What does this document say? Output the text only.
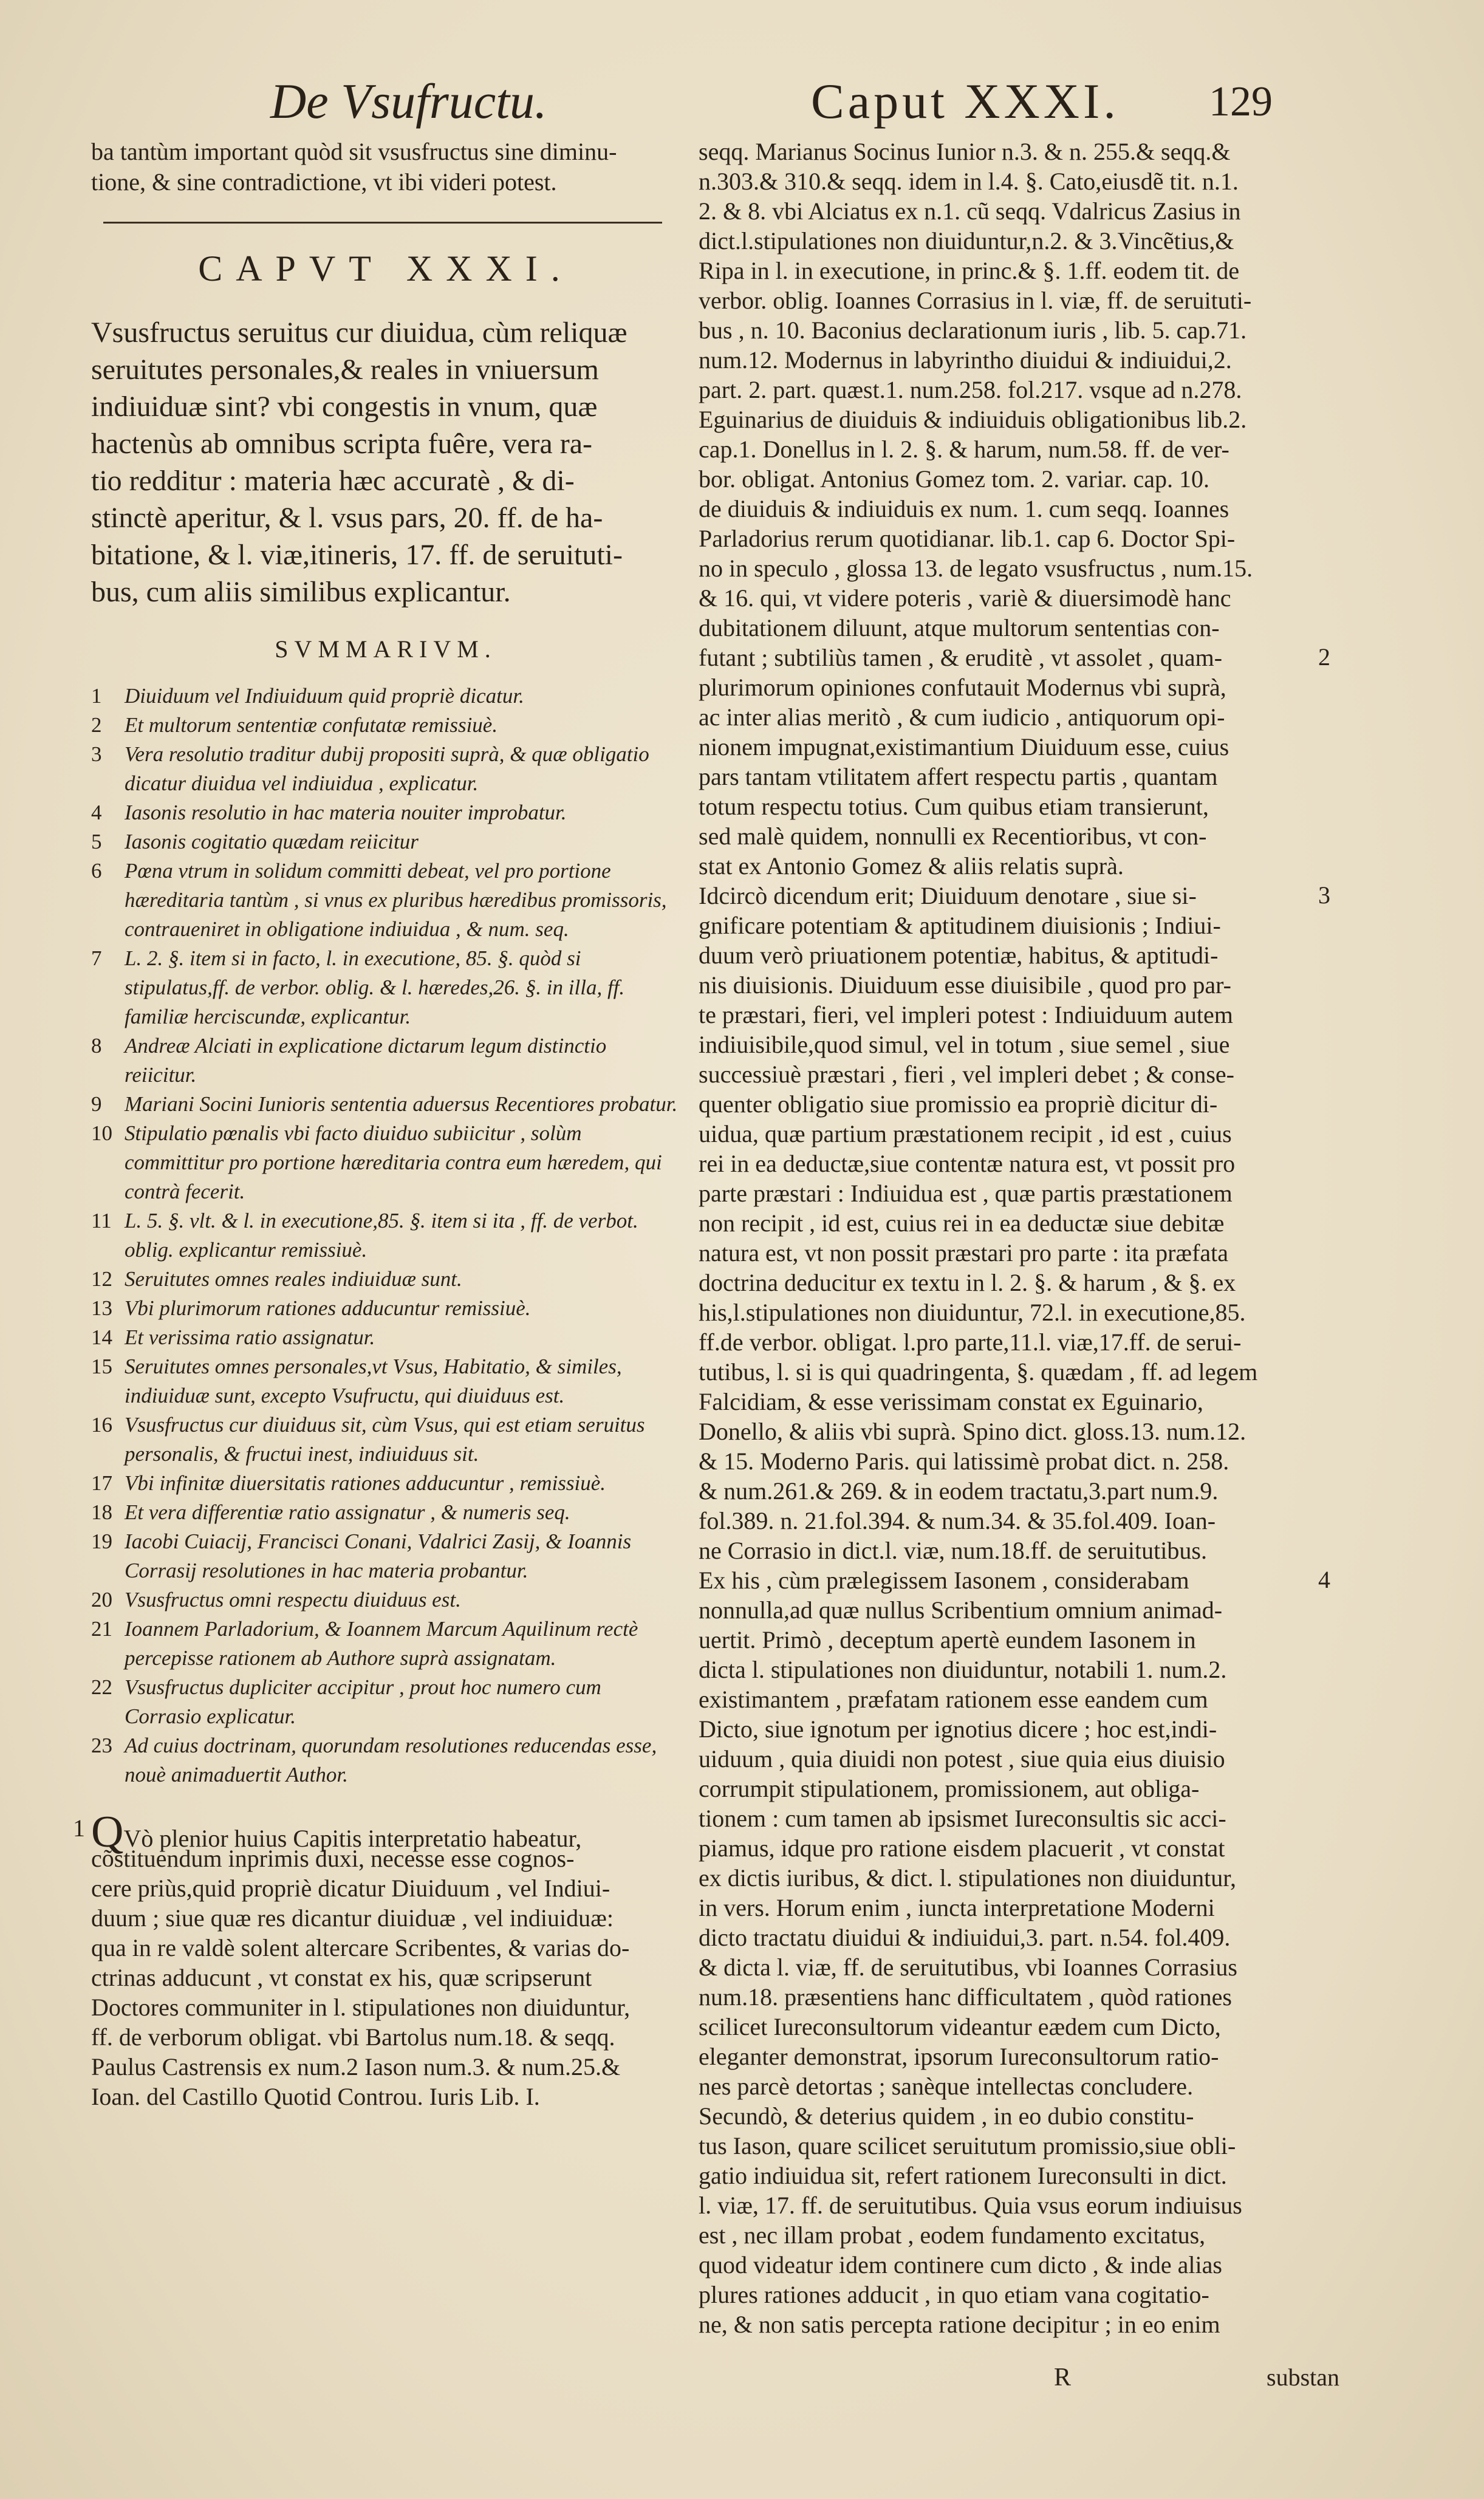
De Vsufructu.	Caput XXXI. 129
ba tantùm important quòd sit vsusfructus sine diminu-
tione, & sine contradictione, vt ibi videri potest.
CAPVT XXXI.
Vsusfructus seruitus cur diuidua, cùm reliquæ
seruitutes personales,& reales in vniuersum
indiuiduæ sint? vbi congestis in vnum, quæ
hactenùs ab omnibus scripta fuêre, vera ra-
tio redditur : materia hæc accuratè , & di-
stinctè aperitur, & l. vsus pars, 20. ff. de ha-
bitatione, & l. viæ,itineris, 17. ff. de seruituti-
bus, cum aliis similibus explicantur.
SVMMARIVM.
1	Diuiduum vel Indiuiduum quid propriè dicatur.
2	Et multorum sententiæ confutatæ remissiuè.
3	Vera resolutio traditur dubij propositi suprà, & quæ obligatio dicatur diuidua vel indiuidua , explicatur.
4	Iasonis resolutio in hac materia nouiter improbatur.
5	Iasonis cogitatio quædam reiicitur
6	Pœna vtrum in solidum committi debeat, vel pro portione hæreditaria tantùm , si vnus ex pluribus hæredibus promissoris, contraueniret in obligatione indiuidua , & num. seq.
7	L. 2. §. item si in facto, l. in executione, 85. §. quòd si stipulatus,ff. de verbor. oblig. & l. hæredes,26. §. in illa, ff. familiæ herciscundæ, explicantur.
8	Andreæ Alciati in explicatione dictarum legum distinctio reiicitur.
9	Mariani Socini Iunioris sententia aduersus Recentiores probatur.
10 Stipulatio pœnalis vbi facto diuiduo subiicitur , solùm committitur pro portione hæreditaria contra eum hæredem, qui contrà fecerit.
11 L. 5. §. vlt. & l. in executione,85. §. item si ita , ff. de verbot. oblig. explicantur remissiuè.
12 Seruitutes omnes reales indiuiduæ sunt.
13 Vbi plurimorum rationes adducuntur remissiuè.
14 Et verissima ratio assignatur.
15 Seruitutes omnes personales,vt Vsus, Habitatio, & similes, indiuiduæ sunt, excepto Vsufructu, qui diuiduus est.
16 Vsusfructus cur diuiduus sit, cùm Vsus, qui est etiam seruitus personalis, & fructui inest, indiuiduus sit.
17 Vbi infinitæ diuersitatis rationes adducuntur , remissiuè.
18 Et vera differentiæ ratio assignatur , & numeris seq.
19 Iacobi Cuiacij, Francisci Conani, Vdalrici Zasij, & Ioannis Corrasij resolutiones in hac materia probantur.
20 Vsusfructus omni respectu diuiduus est.
21 Ioannem Parladorium, & Ioannem Marcum Aquilinum rectè percepisse rationem ab Authore suprà assignatam.
22 Vsusfructus dupliciter accipitur , prout hoc numero cum Corrasio explicatur.
23 Ad cuius doctrinam, quorundam resolutiones reducendas esse, nouè animaduertit Author.
1 QVò plenior huius Capitis interpretatio habeatur,
cõstituendum inprimis duxi, necesse esse cognos-
cere priùs,quid propriè dicatur Diuiduum , vel Indiui-
duum ; siue quæ res dicantur diuiduæ , vel indiuiduæ:
qua in re valdè solent altercare Scribentes, & varias do-
ctrinas adducunt , vt constat ex his, quæ scripserunt
Doctores communiter in l. stipulationes non diuiduntur,
ff. de verborum obligat. vbi Bartolus num.18. & seqq.
Paulus Castrensis ex num.2 Iason num.3. & num.25.&
Ioan. del Castillo Quotid Controu. Iuris Lib. I.
seqq. Marianus Socinus Iunior n.3. & n. 255.& seqq.&
n.303.& 310.& seqq. idem in l.4. §. Cato,eiusdẽ tit. n.1.
2. & 8. vbi Alciatus ex n.1. cũ seqq. Vdalricus Zasius in
dict.l.stipulationes non diuiduntur,n.2. & 3.Vincẽtius,&
Ripa in l. in executione, in princ.& §. 1.ff. eodem tit. de
verbor. oblig. Ioannes Corrasius in l. viæ, ff. de seruituti-
bus , n. 10. Baconius declarationum iuris , lib. 5. cap.71.
num.12. Modernus in labyrintho diuidui & indiuidui,2.
part. 2. part. quæst.1. num.258. fol.217. vsque ad n.278.
Eguinarius de diuiduis & indiuiduis obligationibus lib.2.
cap.1. Donellus in l. 2. §. & harum, num.58. ff. de ver-
bor. obligat. Antonius Gomez tom. 2. variar. cap. 10.
de diuiduis & indiuiduis ex num. 1. cum seqq. Ioannes
Parladorius rerum quotidianar. lib.1. cap 6. Doctor Spi-
no in speculo , glossa 13. de legato vsusfructus , num.15.
& 16. qui, vt videre poteris , variè & diuersimodè hanc
dubitationem diluunt, atque multorum sententias con-
futant ; subtiliùs tamen , & eruditè , vt assolet , quam-
plurimorum opiniones confutauit Modernus vbi suprà,
ac inter alias meritò , & cum iudicio , antiquorum opi-
nionem impugnat,existimantium Diuiduum esse, cuius
pars tantam vtilitatem affert respectu partis , quantam
totum respectu totius. Cum quibus etiam transierunt,
sed malè quidem, nonnulli ex Recentioribus, vt con-
stat ex Antonio Gomez & aliis relatis suprà.
Idcircò dicendum erit; Diuiduum denotare , siue si-
gnificare potentiam & aptitudinem diuisionis ; Indiui-
duum verò priuationem potentiæ, habitus, & aptitudi-
nis diuisionis. Diuiduum esse diuisibile , quod pro par-
te præstari, fieri, vel impleri potest : Indiuiduum autem
indiuisibile,quod simul, vel in totum , siue semel , siue
successiuè præstari , fieri , vel impleri debet ; & conse-
quenter obligatio siue promissio ea propriè dicitur di-
uidua, quæ partium præstationem recipit , id est , cuius
rei in ea deductæ,siue contentæ natura est, vt possit pro
parte præstari : Indiuidua est , quæ partis præstationem
non recipit , id est, cuius rei in ea deductæ siue debitæ
natura est, vt non possit præstari pro parte : ita præfata
doctrina deducitur ex textu in l. 2. §. & harum , & §. ex
his,l.stipulationes non diuiduntur, 72.l. in executione,85.
ff.de verbor. obligat. l.pro parte,11.l. viæ,17.ff. de serui-
tutibus, l. si is qui quadringenta, §. quædam , ff. ad legem
Falcidiam, & esse verissimam constat ex Eguinario,
Donello, & aliis vbi suprà. Spino dict. gloss.13. num.12.
& 15. Moderno Paris. qui latissimè probat dict. n. 258.
& num.261.& 269. & in eodem tractatu,3.part num.9.
fol.389. n. 21.fol.394. & num.34. & 35.fol.409. Ioan-
ne Corrasio in dict.l. viæ, num.18.ff. de seruitutibus.
Ex his , cùm prælegissem Iasonem , considerabam
nonnulla,ad quæ nullus Scribentium omnium animad-
uertit. Primò , deceptum apertè eundem Iasonem in
dicta l. stipulationes non diuiduntur, notabili 1. num.2.
existimantem , præfatam rationem esse eandem cum
Dicto, siue ignotum per ignotius dicere ; hoc est,indi-
uiduum , quia diuidi non potest , siue quia eius diuisio
corrumpit stipulationem, promissionem, aut obliga-
tionem : cum tamen ab ipsismet Iureconsultis sic acci-
piamus, idque pro ratione eisdem placuerit , vt constat
ex dictis iuribus, & dict. l. stipulationes non diuiduntur,
in vers. Horum enim , iuncta interpretatione Moderni
dicto tractatu diuidui & indiuidui,3. part. n.54. fol.409.
& dicta l. viæ, ff. de seruitutibus, vbi Ioannes Corrasius
num.18. præsentiens hanc difficultatem , quòd rationes
scilicet Iureconsultorum videantur eædem cum Dicto,
eleganter demonstrat, ipsorum Iureconsultorum ratio-
nes parcè detortas ; sanèque intellectas concludere.
Secundò, & deterius quidem , in eo dubio constitu-
tus Iason, quare scilicet seruitutum promissio,siue obli-
gatio indiuidua sit, refert rationem Iureconsulti in dict.
l. viæ, 17. ff. de seruitutibus. Quia vsus eorum indiuisus
est , nec illam probat , eodem fundamento excitatus,
quod videatur idem continere cum dicto , & inde alias
plures rationes adducit , in quo etiam vana cogitatio-
ne, & non satis percepta ratione decipitur ; in eo enim
2
3
4
R	substan
